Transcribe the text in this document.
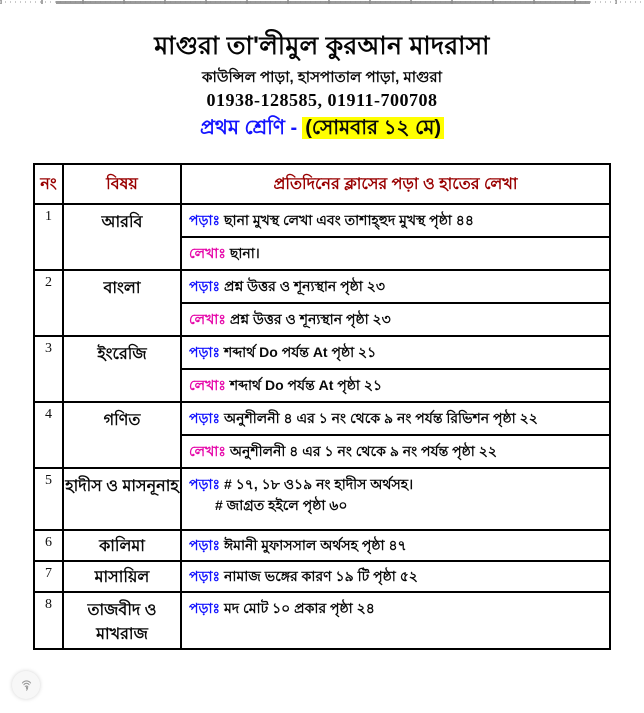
মাগুরা তা'লীমুল কুরআন মাদরাসা
কাউন্সিল পাড়া, হাসপাতাল পাড়া, মাগুরা
01938-128585, 01911-700708
প্রথম শ্রেণি - (সোমবার ১২ মে)
নং	বিষয়	প্রতিদিনের ক্লাসের পড়া ও হাতের লেখা
1	আরবি	পড়াঃ ছানা মুখস্থ লেখা এবং তাশাহ্হুদ মুখস্থ পৃষ্ঠা ৪৪
		লেখাঃ ছানা।
2	বাংলা	পড়াঃ প্রশ্ন উত্তর ও শূন্যস্থান পৃষ্ঠা ২৩
		লেখাঃ প্রশ্ন উত্তর ও শূন্যস্থান পৃষ্ঠা ২৩
3	ইংরেজি	পড়াঃ শব্দার্থ Do পর্যন্ত At পৃষ্ঠা ২১
		লেখাঃ শব্দার্থ Do পর্যন্ত At পৃষ্ঠা ২১
4	গণিত	পড়াঃ অনুশীলনী ৪ এর ১ নং থেকে ৯ নং পর্যন্ত রিভিশন পৃষ্ঠা ২২
		লেখাঃ অনুশীলনী ৪ এর ১ নং থেকে ৯ নং পর্যন্ত পৃষ্ঠা ২২
5	হাদীস ও মাসনূনাহ	পড়াঃ # ১৭, ১৮ ও১৯ নং হাদীস অর্থসহ।
# জাগ্রত হইলে পৃষ্ঠা ৬০

6	কালিমা	পড়াঃ ঈমানী মুফাসসাল অর্থসহ পৃষ্ঠা ৪৭
7	মাসায়িল	পড়াঃ নামাজ ভঙ্গের কারণ ১৯ টি পৃষ্ঠা ৫২
8	তাজবীদ ও মাখরাজ	পড়াঃ মদ মোট ১০ প্রকার পৃষ্ঠা ২৪
